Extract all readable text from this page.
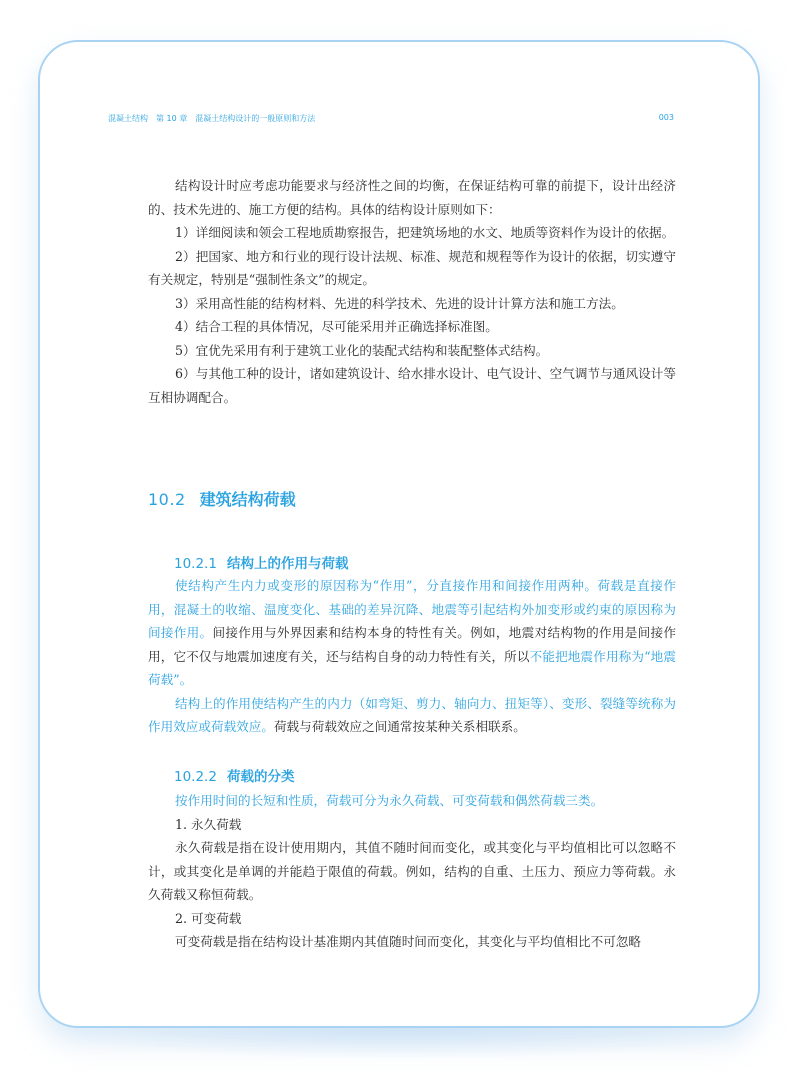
混凝土结构 第 10 章 混凝土结构设计的一般原则和方法	003

结构设计时应考虑功能要求与经济性之间的均衡，在保证结构可靠的前提下，设计出经济的、技术先进的、施工方便的结构。具体的结构设计原则如下：

1）详细阅读和领会工程地质勘察报告，把建筑场地的水文、地质等资料作为设计的依据。

2）把国家、地方和行业的现行设计法规、标准、规范和规程等作为设计的依据，切实遵守有关规定，特别是“强制性条文”的规定。

3）采用高性能的结构材料、先进的科学技术、先进的设计计算方法和施工方法。

4）结合工程的具体情况，尽可能采用并正确选择标准图。

5）宜优先采用有利于建筑工业化的装配式结构和装配整体式结构。

6）与其他工种的设计，诸如建筑设计、给水排水设计、电气设计、空气调节与通风设计等互相协调配合。

10.2 建筑结构荷载
10.2.1 结构上的作用与荷载

使结构产生内力或变形的原因称为“作用”，分直接作用和间接作用两种。荷载是直接作用，混凝土的收缩、温度变化、基础的差异沉降、地震等引起结构外加变形或约束的原因称为间接作用。间接作用与外界因素和结构本身的特性有关。例如，地震对结构物的作用是间接作用，它不仅与地震加速度有关，还与结构自身的动力特性有关，所以不能把地震作用称为“地震荷载”。

结构上的作用使结构产生的内力（如弯矩、剪力、轴向力、扭矩等）、变形、裂缝等统称为作用效应或荷载效应。荷载与荷载效应之间通常按某种关系相联系。

10.2.2 荷载的分类

按作用时间的长短和性质，荷载可分为永久荷载、可变荷载和偶然荷载三类。

1. 永久荷载

永久荷载是指在设计使用期内，其值不随时间而变化，或其变化与平均值相比可以忽略不计，或其变化是单调的并能趋于限值的荷载。例如，结构的自重、土压力、预应力等荷载。永久荷载又称恒荷载。

2. 可变荷载

可变荷载是指在结构设计基准期内其值随时间而变化，其变化与平均值相比不可忽略
